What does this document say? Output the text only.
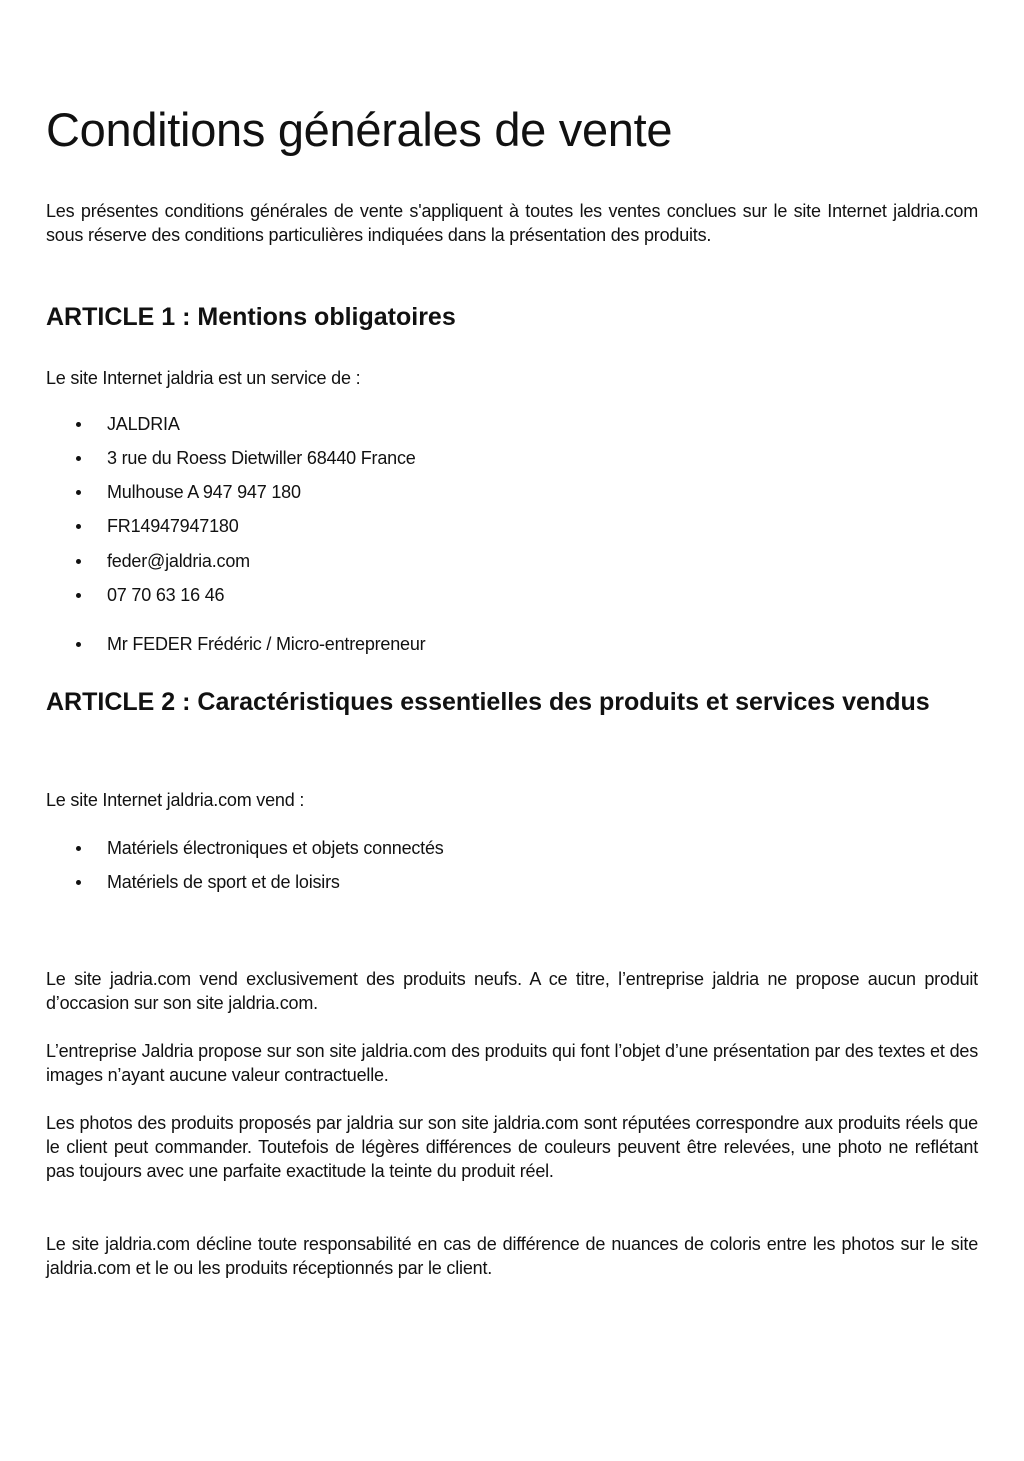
Conditions générales de vente

Les présentes conditions générales de vente s'appliquent à toutes les ventes conclues sur le site Internet jaldria.com sous réserve des conditions particulières indiquées dans la présentation des produits.

ARTICLE 1 : Mentions obligatoires

Le site Internet jaldria est un service de :

JALDRIA
3 rue du Roess Dietwiller 68440 France
Mulhouse A 947 947 180
FR14947947180
feder@jaldria.com
07 70 63 16 46
Mr FEDER Frédéric / Micro-entrepreneur
ARTICLE 2 : Caractéristiques essentielles des produits et services vendus

Le site Internet jaldria.com vend :

Matériels électroniques et objets connectés
Matériels de sport et de loisirs

Le site jadria.com vend exclusivement des produits neufs. A ce titre, l’entreprise jaldria ne propose aucun produit d’occasion sur son site jaldria.com.

L’entreprise Jaldria propose sur son site jaldria.com des produits qui font l’objet d’une présentation par des textes et des images n’ayant aucune valeur contractuelle.

Les photos des produits proposés par jaldria sur son site jaldria.com sont réputées correspondre aux produits réels que le client peut commander. Toutefois de légères différences de couleurs peuvent être relevées, une photo ne reflétant pas toujours avec une parfaite exactitude la teinte du produit réel.

Le site jaldria.com décline toute responsabilité en cas de différence de nuances de coloris entre les photos sur le site jaldria.com et le ou les produits réceptionnés par le client.
